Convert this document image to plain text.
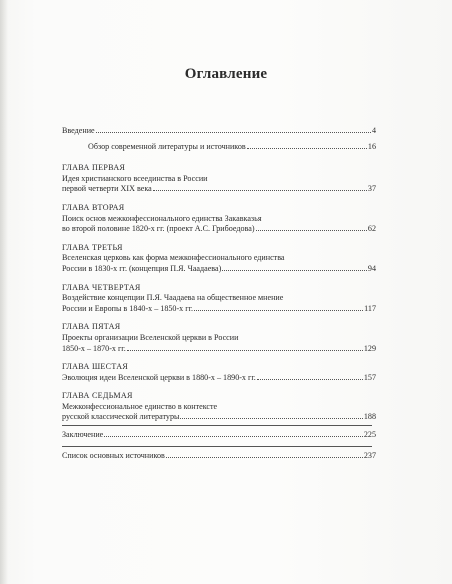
Оглавление
Введение	4
Обзор современной литературы и источников	16
ГЛАВА ПЕРВАЯ
Идея христианского всеединства в России
первой четверти XIX века	37
ГЛАВА ВТОРАЯ
Поиск основ межконфессионального единства Закавказья
во второй половине 1820-х гг. (проект А.С. Грибоедова)	62
ГЛАВА ТРЕТЬЯ
Вселенская церковь как форма межконфессионального единства
России в 1830-х гг. (концепция П.Я. Чаадаева)	94
ГЛАВА ЧЕТВЕРТАЯ
Воздействие концепции П.Я. Чаадаева на общественное мнение
России и Европы в 1840-х – 1850-х гг.	117
ГЛАВА ПЯТАЯ
Проекты организации Вселенской церкви в России
1850-х – 1870-х гг.	129
ГЛАВА ШЕСТАЯ
Эволюция идеи Вселенской церкви в 1880-х – 1890-х гг.	157
ГЛАВА СЕДЬМАЯ
Межконфессиональное единство в контексте
русской классической литературы	188
Заключение	225
Список основных источников	237
